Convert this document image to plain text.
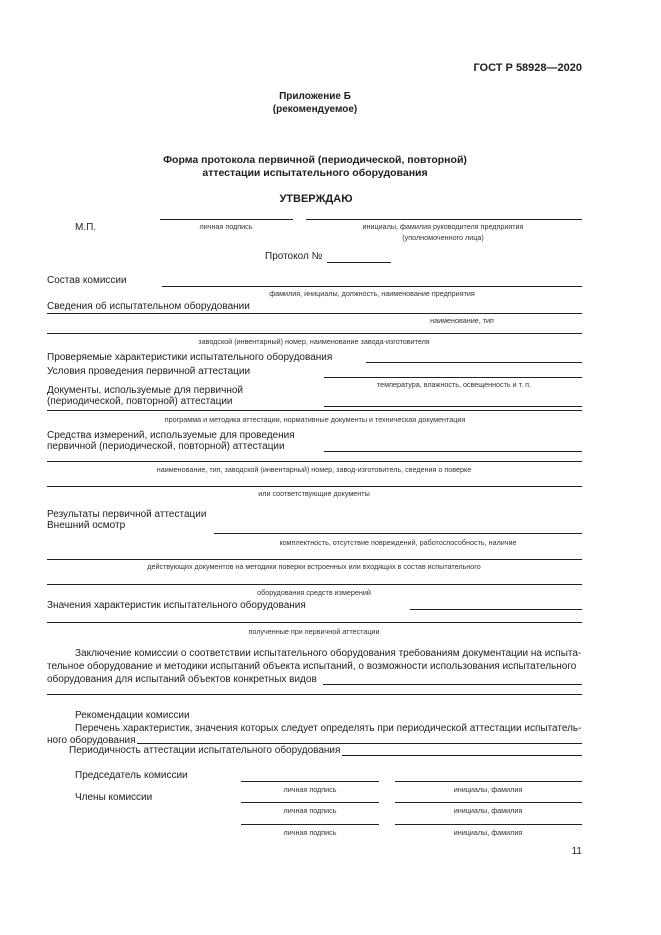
ГОСТ Р 58928—2020
Приложение Б
(рекомендуемое)
Форма протокола первичной (периодической, повторной)
аттестации испытательного оборудования
УТВЕРЖДАЮ
М.П.	личная подпись	инициалы, фамилия руководителя предприятия
(уполномоченного лица)
Протокол №
Состав комиссии
фамилия, инициалы, должность, наименование предприятия
Сведения об испытательном оборудовании
наименование, тип
заводской (инвентарный) номер, наименование завода-изготовителя
Проверяемые характеристики испытательного оборудования
Условия проведения первичной аттестации
температура, влажность, освещенность и т. п.
Документы, используемые для первичной
(периодической, повторной) аттестации
программа и методика аттестации, нормативные документы и техническая документация
Средства измерений, используемые для проведения
первичной (периодической, повторной) аттестации
наименование, тип, заводской (инвентарный) номер, завод-изготовитель, сведения о поверке
или соответствующие документы
Результаты первичной аттестации
Внешний осмотр
комплектность, отсутствие повреждений, работоспособность, наличие
действующих документов на методики поверки встроенных или входящих в состав испытательного
оборудования средств измерений
Значения характеристик испытательного оборудования
полученные при первичной аттестации
Заключение комиссии о соответствии испытательного оборудования требованиям документации на испыта-
тельное оборудование и методики испытаний объекта испытаний, о возможности использования испытательного
оборудования для испытаний объектов конкретных видов
Рекомендации комиссии
Перечень характеристик, значения которых следует определять при периодической аттестации испытатель-
ного оборудования
Периодичность аттестации испытательного оборудования
Председатель комиссии
личная подпись	инициалы, фамилия
Члены комиссии
личная подпись	инициалы, фамилия
личная подпись	инициалы, фамилия
11
